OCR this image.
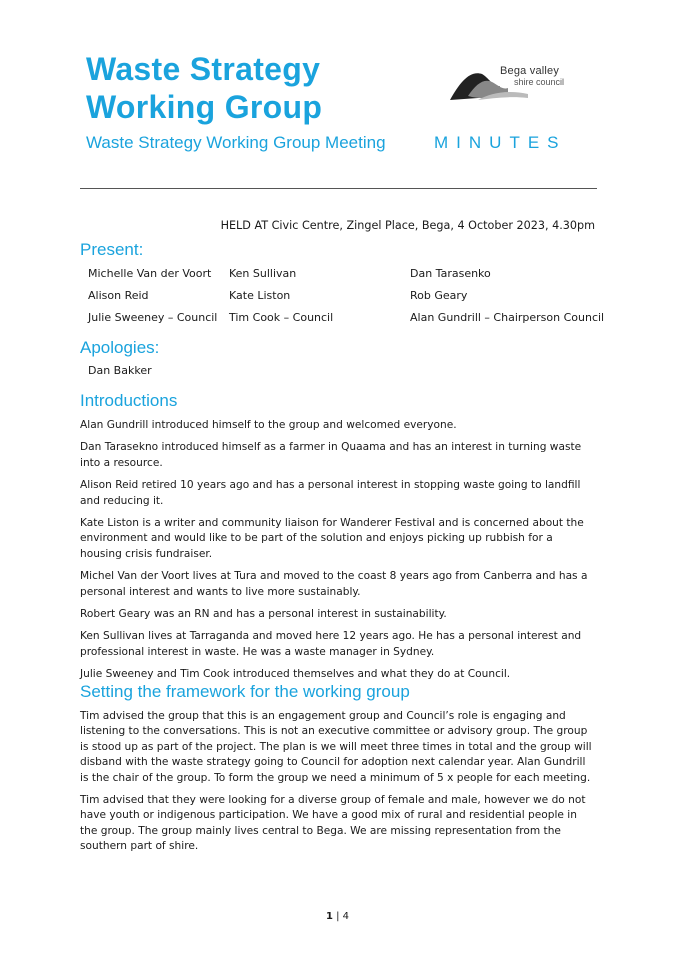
Waste Strategy
Working Group
Bega valley
shire council
Waste Strategy Working Group Meeting	MINUTES
HELD AT Civic Centre, Zingel Place, Bega, 4 October 2023, 4.30pm
Present:
Michelle Van der Voort
Alison Reid
Julie Sweeney – Council
Ken Sullivan
Kate Liston
Tim Cook – Council
Dan Tarasenko
Rob Geary
Alan Gundrill – Chairperson Council
Apologies:
Dan Bakker
Introductions

Alan Gundrill introduced himself to the group and welcomed everyone.

Dan Tarasekno introduced himself as a farmer in Quaama and has an interest in turning waste into a resource.

Alison Reid retired 10 years ago and has a personal interest in stopping waste going to landfill and reducing it.

Kate Liston is a writer and community liaison for Wanderer Festival and is concerned about the environment and would like to be part of the solution and enjoys picking up rubbish for a housing crisis fundraiser.

Michel Van der Voort lives at Tura and moved to the coast 8 years ago from Canberra and has a personal interest and wants to live more sustainably.

Robert Geary was an RN and has a personal interest in sustainability.

Ken Sullivan lives at Tarraganda and moved here 12 years ago. He has a personal interest and professional interest in waste. He was a waste manager in Sydney.

Julie Sweeney and Tim Cook introduced themselves and what they do at Council.

Setting the framework for the working group

Tim advised the group that this is an engagement group and Council’s role is engaging and listening to the conversations. This is not an executive committee or advisory group. The group is stood up as part of the project. The plan is we will meet three times in total and the group will disband with the waste strategy going to Council for adoption next calendar year. Alan Gundrill is the chair of the group. To form the group we need a minimum of 5 x people for each meeting.

Tim advised that they were looking for a diverse group of female and male, however we do not have youth or indigenous participation. We have a good mix of rural and residential people in the group. The group mainly lives central to Bega. We are missing representation from the southern part of shire.

1 | 4
